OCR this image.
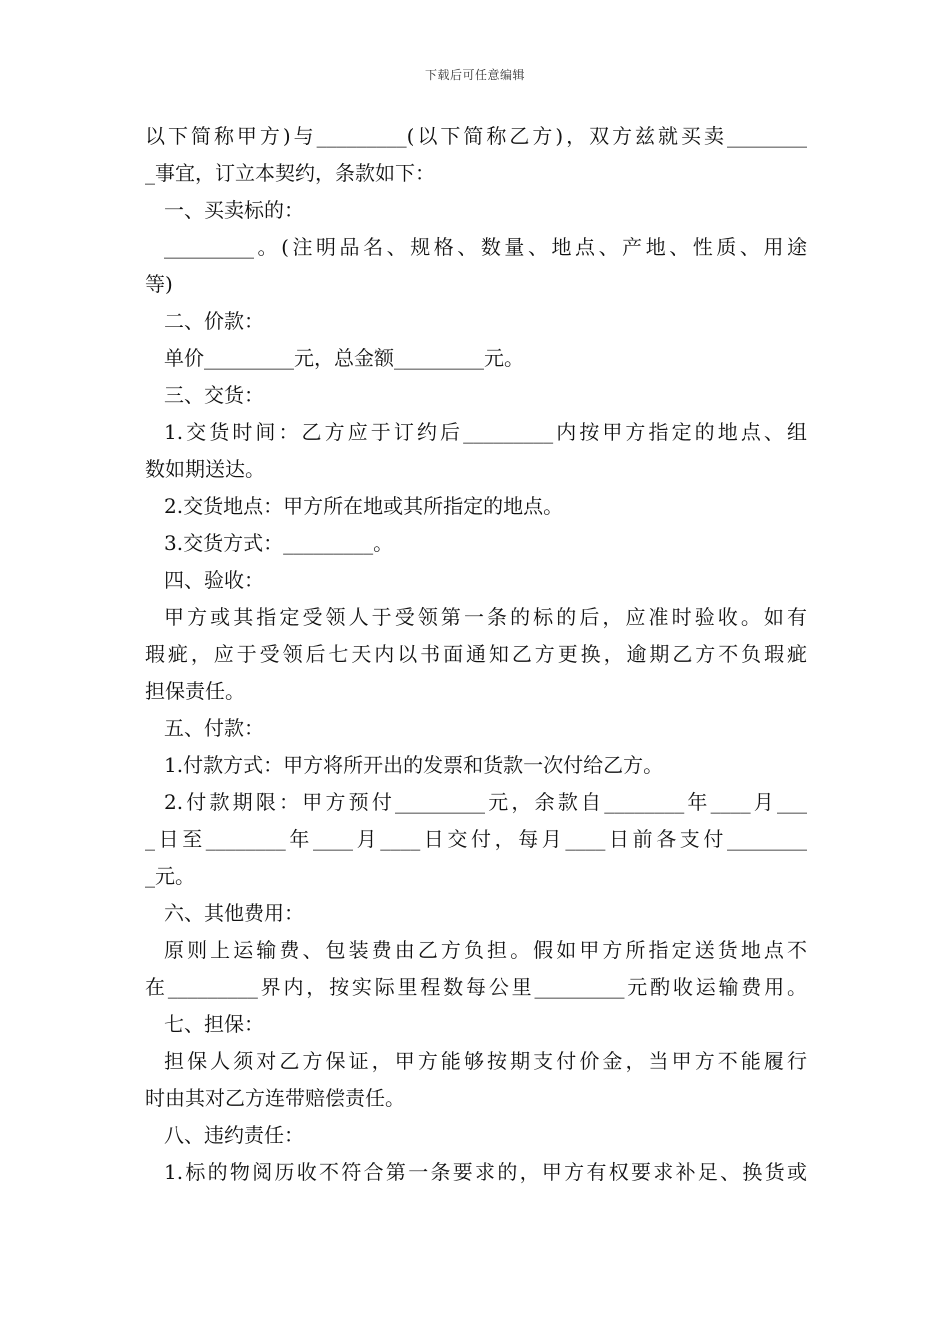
下载后可任意编辑
以下简称甲方)与_________(以下简称乙方)，双方兹就买卖________
_事宜，订立本契约，条款如下：
一、买卖标的：
_________。(注明品名、规格、数量、地点、产地、性质、用途
等)
二、价款：
单价_________元，总金额_________元。
三、交货：
1.交货时间：乙方应于订约后_________内按甲方指定的地点、组
数如期送达。
2.交货地点：甲方所在地或其所指定的地点。
3.交货方式：_________。
四、验收：
甲方或其指定受领人于受领第一条的标的后，应准时验收。如有
瑕疵，应于受领后七天内以书面通知乙方更换，逾期乙方不负瑕疵
担保责任。
五、付款：
1.付款方式：甲方将所开出的发票和货款一次付给乙方。
2.付款期限：甲方预付_________元，余款自________年____月___
_日至________年____月____日交付，每月____日前各支付________
_元。
六、其他费用：
原则上运输费、包装费由乙方负担。假如甲方所指定送货地点不
在_________界内，按实际里程数每公里_________元酌收运输费用。
七、担保：
担保人须对乙方保证，甲方能够按期支付价金，当甲方不能履行
时由其对乙方连带赔偿责任。
八、违约责任：
1.标的物阅历收不符合第一条要求的，甲方有权要求补足、换货或
